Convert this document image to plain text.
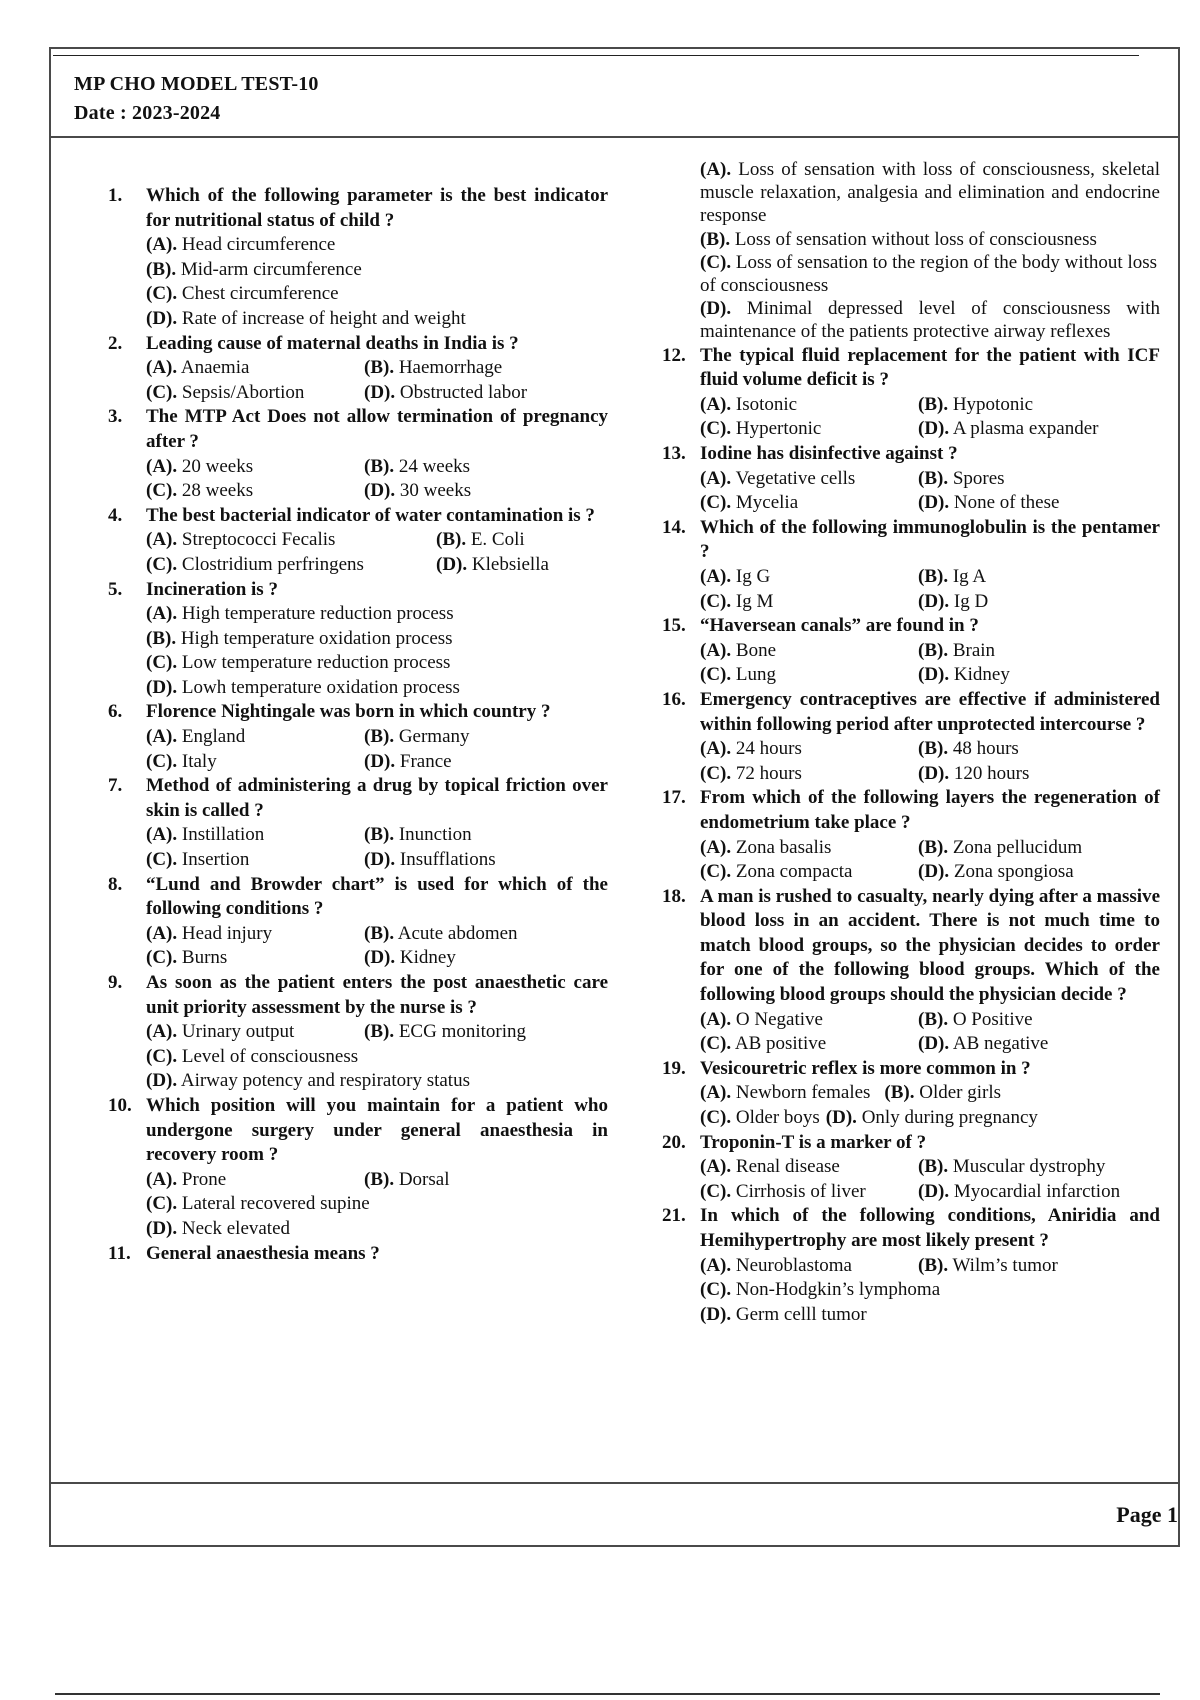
MP CHO MODEL TEST-10
Date : 2023-2024
Page 1
1. Which of the following parameter is the best indicator for nutritional status of child ?
(A). Head circumference
(B). Mid-arm circumference
(C). Chest circumference
(D). Rate of increase of height and weight
2. Leading cause of maternal deaths in India is ?
(A). Anaemia	(B). Haemorrhage
(C). Sepsis/Abortion	(D). Obstructed labor
3. The MTP Act Does not allow termination of pregnancy after ?
(A). 20 weeks	(B). 24 weeks
(C). 28 weeks	(D). 30 weeks
4. The best bacterial indicator of water contamination is ?
(A). Streptococci Fecalis	(B). E. Coli
(C). Clostridium perfringens	(D). Klebsiella
5. Incineration is ?
(A). High temperature reduction process
(B). High temperature oxidation process
(C). Low temperature reduction process
(D). Lowh temperature oxidation process
6. Florence Nightingale was born in which country ?
(A). England	(B). Germany
(C). Italy	(D). France
7. Method of administering a drug by topical friction over skin is called ?
(A). Instillation	(B). Inunction
(C). Insertion	(D). Insufflations
8. “Lund and Browder chart” is used for which of the following conditions ?
(A). Head injury	(B). Acute abdomen
(C). Burns	(D). Kidney
9. As soon as the patient enters the post anaesthetic care unit priority assessment by the nurse is ?
(A). Urinary output	(B). ECG monitoring
(C). Level of consciousness
(D). Airway potency and respiratory status
10. Which position will you maintain for a patient who undergone surgery under general anaesthesia in recovery room ?
(A). Prone	(B). Dorsal
(C). Lateral recovered supine
(D). Neck elevated
11. General anaesthesia means ?
(A). Loss of sensation with loss of consciousness, skeletal muscle relaxation, analgesia and elimination and endocrine response
(B). Loss of sensation without loss of consciousness
(C). Loss of sensation to the region of the body without loss of consciousness
(D). Minimal depressed level of consciousness with maintenance of the patients protective airway reflexes
12. The typical fluid replacement for the patient with ICF fluid volume deficit is ?
(A). Isotonic	(B). Hypotonic
(C). Hypertonic	(D). A plasma expander
13. Iodine has disinfective against ?
(A). Vegetative cells	(B). Spores
(C). Mycelia	(D). None of these
14. Which of the following immunoglobulin is the pentamer ?
(A). Ig G	(B). Ig A
(C). Ig M	(D). Ig D
15. “Haversean canals” are found in ?
(A). Bone	(B). Brain
(C). Lung	(D). Kidney
16. Emergency contraceptives are effective if administered within following period after unprotected intercourse ?
(A). 24 hours	(B). 48 hours
(C). 72 hours	(D). 120 hours
17. From which of the following layers the regeneration of endometrium take place ?
(A). Zona basalis	(B). Zona pellucidum
(C). Zona compacta	(D). Zona spongiosa
18. A man is rushed to casualty, nearly dying after a massive blood loss in an accident. There is not much time to match blood groups, so the physician decides to order for one of the following blood groups. Which of the following blood groups should the physician decide ?
(A). O Negative	(B). O Positive
(C). AB positive	(D). AB negative
19. Vesicouretric reflex is more common in ?
(A). Newborn females (B). Older girls
(C). Older boys (D). Only during pregnancy
20. Troponin-T is a marker of ?
(A). Renal disease	(B). Muscular dystrophy
(C). Cirrhosis of liver	(D). Myocardial infarction
21. In which of the following conditions, Aniridia and Hemihypertrophy are most likely present ?
(A). Neuroblastoma	(B). Wilm’s tumor
(C). Non-Hodgkin’s lymphoma
(D). Germ celll tumor
